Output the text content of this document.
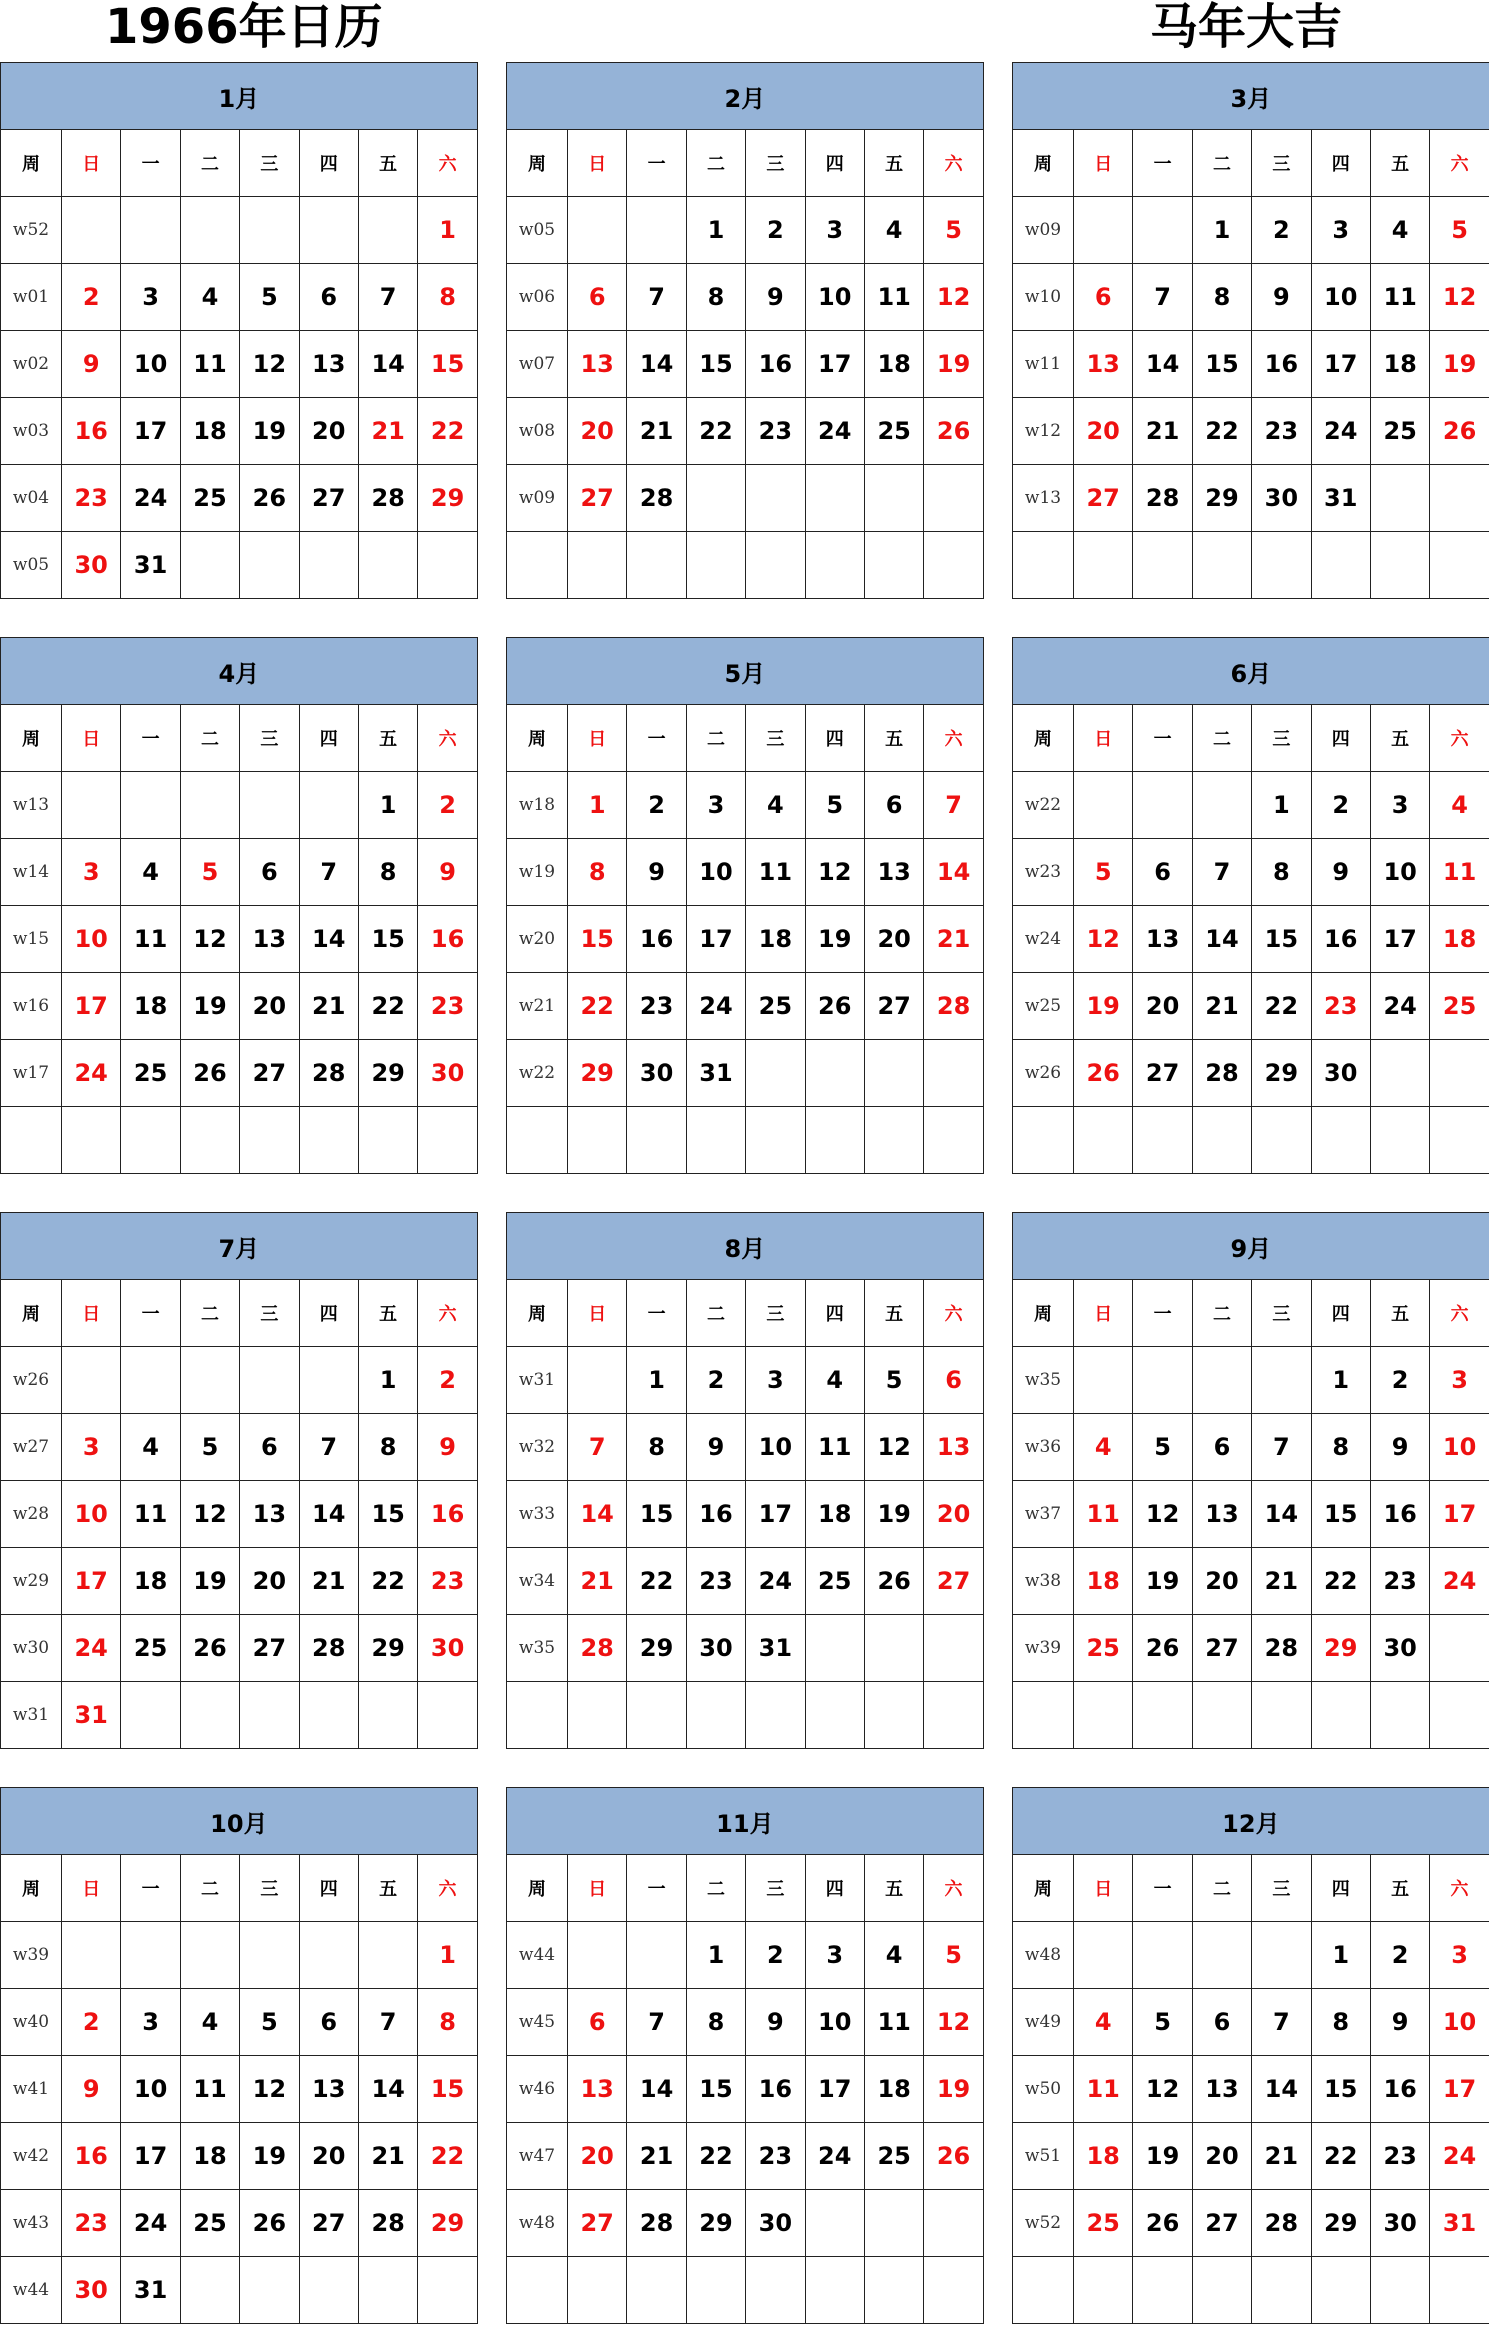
1966年日历	马年大吉
1月							
周	日	一	二	三	四	五	六
w52							1
w01	2	3	4	5	6	7	8
w02	9	10	11	12	13	14	15
w03	16	17	18	19	20	21	22
w04	23	24	25	26	27	28	29
w05	30	31					
2月							
周	日	一	二	三	四	五	六
w05			1	2	3	4	5
w06	6	7	8	9	10	11	12
w07	13	14	15	16	17	18	19
w08	20	21	22	23	24	25	26
w09	27	28					

3月							
周	日	一	二	三	四	五	六
w09			1	2	3	4	5
w10	6	7	8	9	10	11	12
w11	13	14	15	16	17	18	19
w12	20	21	22	23	24	25	26
w13	27	28	29	30	31		

4月							
周	日	一	二	三	四	五	六
w13						1	2
w14	3	4	5	6	7	8	9
w15	10	11	12	13	14	15	16
w16	17	18	19	20	21	22	23
w17	24	25	26	27	28	29	30

5月							
周	日	一	二	三	四	五	六
w18	1	2	3	4	5	6	7
w19	8	9	10	11	12	13	14
w20	15	16	17	18	19	20	21
w21	22	23	24	25	26	27	28
w22	29	30	31				

6月							
周	日	一	二	三	四	五	六
w22				1	2	3	4
w23	5	6	7	8	9	10	11
w24	12	13	14	15	16	17	18
w25	19	20	21	22	23	24	25
w26	26	27	28	29	30		

7月							
周	日	一	二	三	四	五	六
w26						1	2
w27	3	4	5	6	7	8	9
w28	10	11	12	13	14	15	16
w29	17	18	19	20	21	22	23
w30	24	25	26	27	28	29	30
w31	31						
8月							
周	日	一	二	三	四	五	六
w31		1	2	3	4	5	6
w32	7	8	9	10	11	12	13
w33	14	15	16	17	18	19	20
w34	21	22	23	24	25	26	27
w35	28	29	30	31			

9月							
周	日	一	二	三	四	五	六
w35					1	2	3
w36	4	5	6	7	8	9	10
w37	11	12	13	14	15	16	17
w38	18	19	20	21	22	23	24
w39	25	26	27	28	29	30	

10月							
周	日	一	二	三	四	五	六
w39							1
w40	2	3	4	5	6	7	8
w41	9	10	11	12	13	14	15
w42	16	17	18	19	20	21	22
w43	23	24	25	26	27	28	29
w44	30	31					
11月							
周	日	一	二	三	四	五	六
w44			1	2	3	4	5
w45	6	7	8	9	10	11	12
w46	13	14	15	16	17	18	19
w47	20	21	22	23	24	25	26
w48	27	28	29	30			

12月							
周	日	一	二	三	四	五	六
w48					1	2	3
w49	4	5	6	7	8	9	10
w50	11	12	13	14	15	16	17
w51	18	19	20	21	22	23	24
w52	25	26	27	28	29	30	31
